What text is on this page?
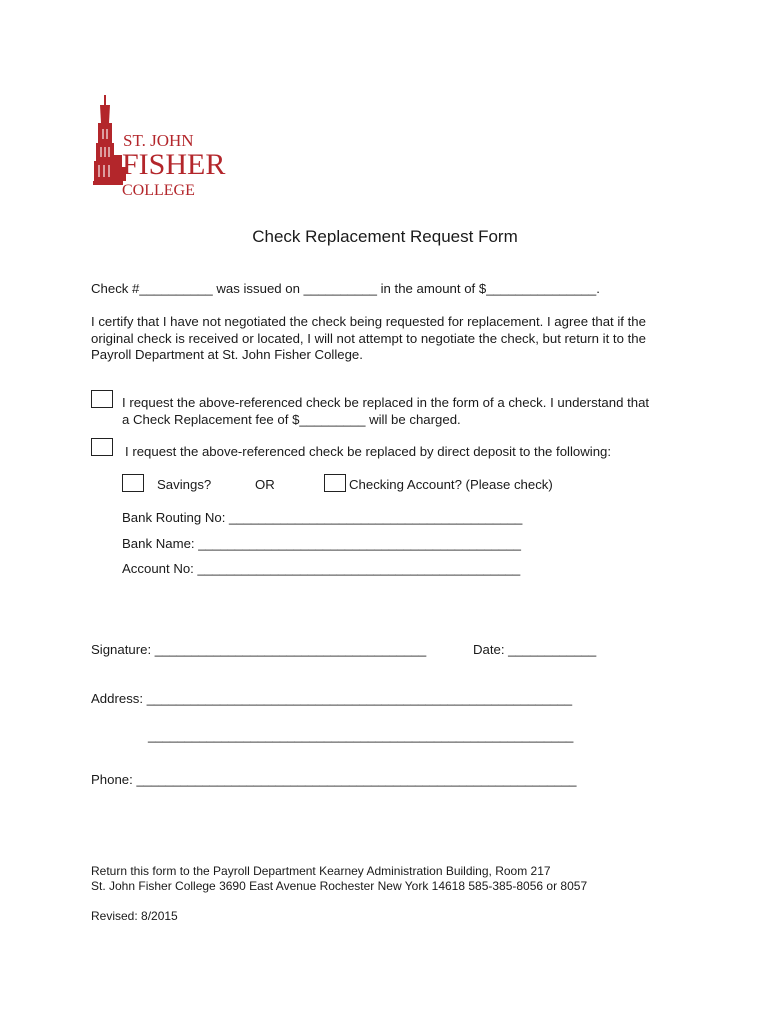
ST. JOHN
FISHER
COLLEGE
Check Replacement Request Form
Check #__________ was issued on __________ in the amount of $_______________.
I certify that I have not negotiated the check being requested for replacement. I agree that if the
original check is received or located, I will not attempt to negotiate the check, but return it to the
Payroll Department at St. John Fisher College.
I request the above-referenced check be replaced in the form of a check. I understand that
a Check Replacement fee of $_________ will be charged.
I request the above-referenced check be replaced by direct deposit to the following:
Savings?	OR	Checking Account? (Please check)
Bank Routing No: ________________________________________
Bank Name: ____________________________________________
Account No: ____________________________________________
Signature: _____________________________________	Date: ____________
Address: __________________________________________________________
__________________________________________________________
Phone: ____________________________________________________________
Return this form to the Payroll Department Kearney Administration Building, Room 217
St. John Fisher College 3690 East Avenue Rochester New York 14618 585-385-8056 or 8057
Revised: 8/2015
